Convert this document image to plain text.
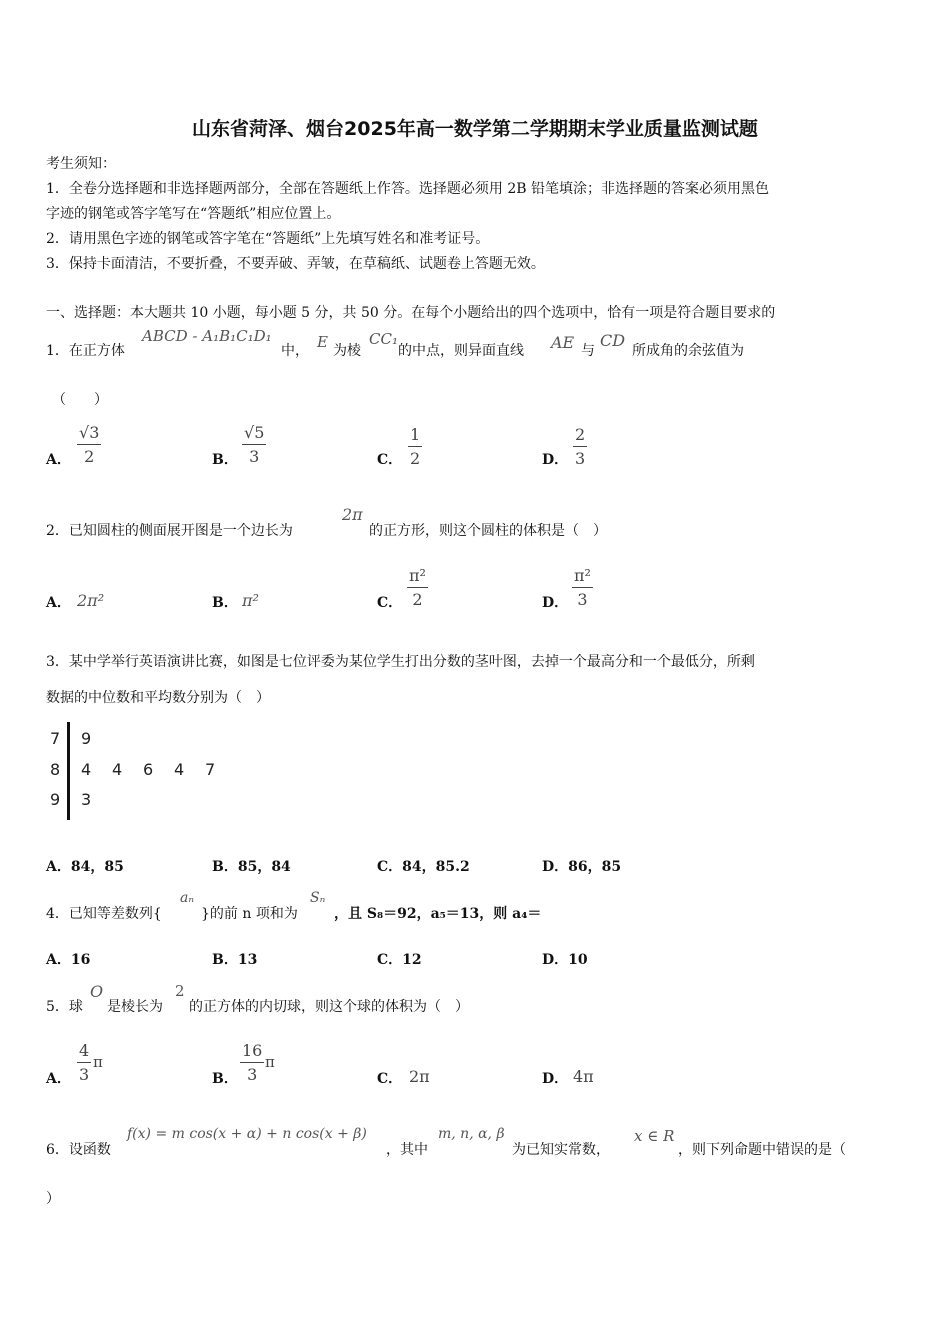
山东省菏泽、烟台2025年高一数学第二学期期末学业质量监测试题
考生须知：
1．全卷分选择题和非选择题两部分，全部在答题纸上作答。选择题必须用 2B 铅笔填涂；非选择题的答案必须用黑色
字迹的钢笔或答字笔写在“答题纸”相应位置上。
2．请用黑色字迹的钢笔或答字笔在“答题纸”上先填写姓名和准考证号。
3．保持卡面清洁，不要折叠，不要弄破、弄皱，在草稿纸、试题卷上答题无效。
一、选择题：本大题共 10 小题，每小题 5 分，共 50 分。在每个小题给出的四个选项中，恰有一项是符合题目要求的
1．在正方体
ABCD - A₁B₁C₁D₁
中， E 为棱
CC₁
的中点，则异面直线 AE 与
CD
所成角的余弦值为
（　　）
A．
√3
2	B．
√5
3	C．
1
2	D．
2
3
2．已知圆柱的侧面展开图是一个边长为
2π
的正方形，则这个圆柱的体积是（　）
A． 2π²	B． π²	C．
π²
2	D．
π²
3
3．某中学举行英语演讲比赛，如图是七位评委为某位学生打出分数的茎叶图，去掉一个最高分和一个最低分，所剩
数据的中位数和平均数分别为（　）
7 9
8 4 4 6 4 7
9 3
A．84，85	B．85，84	C．84，85.2	D．86，85
4．已知等差数列{
aₙ
}的前 n 项和为
Sₙ
，且 S₈＝92，a₅＝13，则 a₄＝
A．16	B．13	C．12	D．10
5．球
O
是棱长为
2
的正方体的内切球，则这个球的体积为（　）
A．
4
3
π
B．
16
3
π
C． 2π	D． 4π
6．设函数
f(x) = m cos(x + α) + n cos(x + β)
，其中
m, n, α, β
为已知实常数，
x ∈ R
，则下列命题中错误的是（
）
